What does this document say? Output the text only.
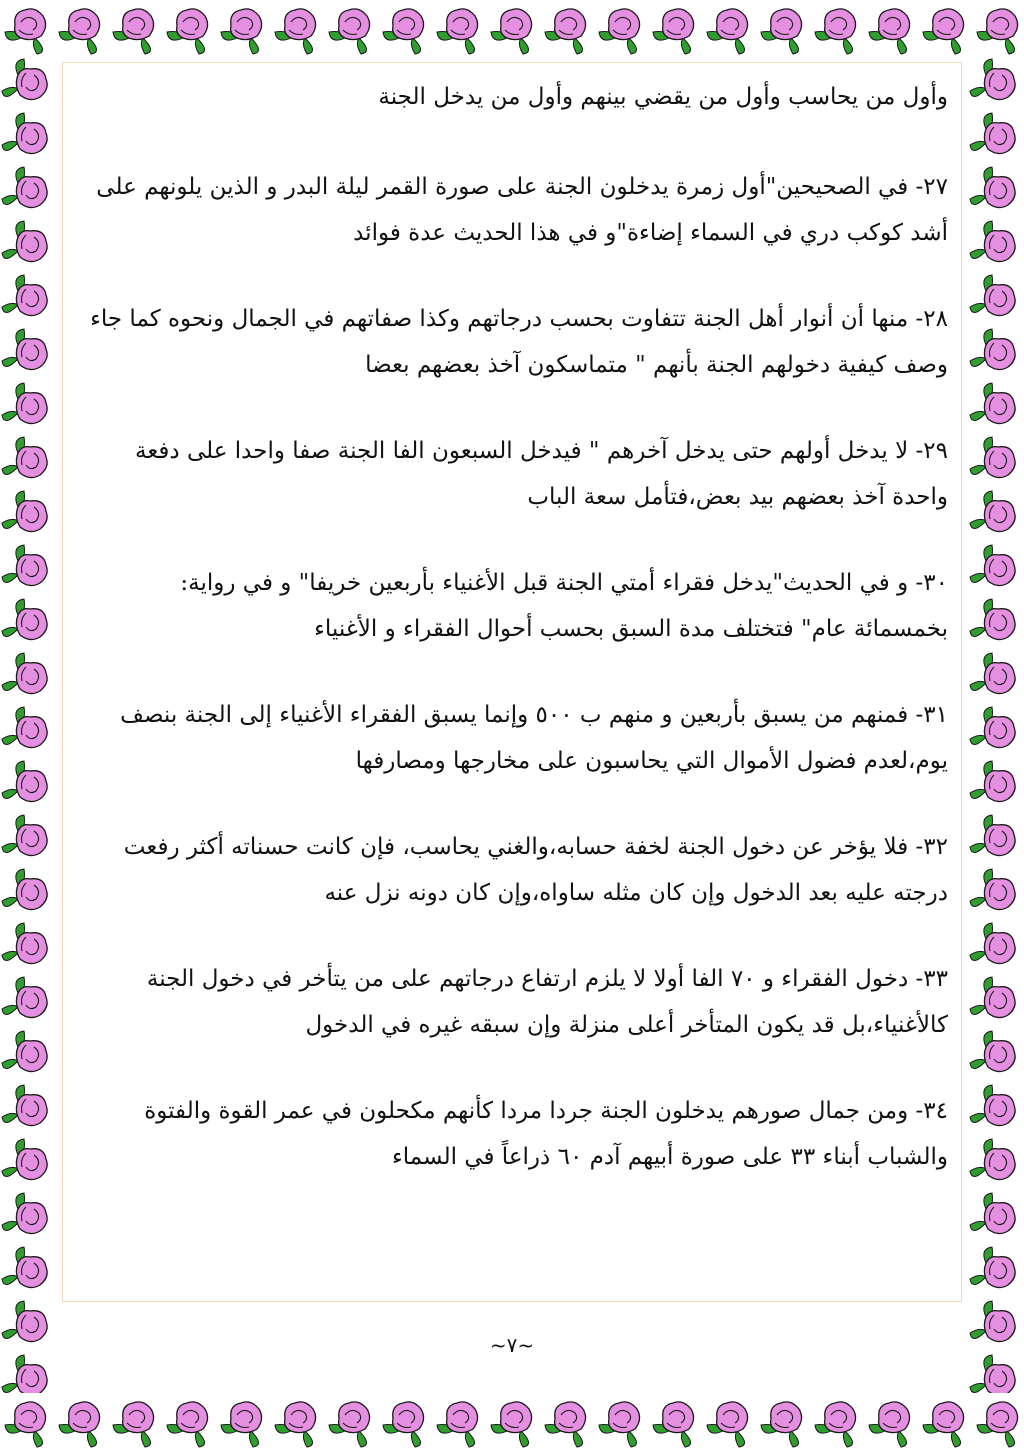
وأول من يحاسب وأول من يقضي بينهم وأول من يدخل الجنة

٢٧- في الصحيحين"أول زمرة يدخلون الجنة على صورة القمر ليلة البدر و الذين يلونهم على أشد كوكب دري في السماء إضاءة"و في هذا الحديث عدة فوائد

٢٨- منها أن أنوار أهل الجنة تتفاوت بحسب درجاتهم وكذا صفاتهم في الجمال ونحوه كما جاء وصف كيفية دخولهم الجنة بأنهم " متماسكون آخذ بعضهم بعضا

٢٩- لا يدخل أولهم حتى يدخل آخرهم " فيدخل السبعون الفا الجنة صفا واحدا على دفعة واحدة آخذ بعضهم بيد بعض،فتأمل سعة الباب

٣٠- و في الحديث"يدخل فقراء أمتي الجنة قبل الأغنياء بأربعين خريفا" و في رواية: بخمسمائة عام" فتختلف مدة السبق بحسب أحوال الفقراء و الأغنياء

٣١- فمنهم من يسبق بأربعين و منهم ب ٥٠٠ وإنما يسبق الفقراء الأغنياء إلى الجنة بنصف يوم،لعدم فضول الأموال التي يحاسبون على مخارجها ومصارفها

٣٢- فلا يؤخر عن دخول الجنة لخفة حسابه،والغني يحاسب، فإن كانت حسناته أكثر رفعت درجته عليه بعد الدخول وإن كان مثله ساواه،وإن كان دونه نزل عنه

٣٣- دخول الفقراء و ٧٠ الفا أولا لا يلزم ارتفاع درجاتهم على من يتأخر في دخول الجنة كالأغنياء،بل قد يكون المتأخر أعلى منزلة وإن سبقه غيره في الدخول

٣٤- ومن جمال صورهم يدخلون الجنة جردا مردا كأنهم مكحلون في عمر القوة والفتوة والشباب أبناء ٣٣ على صورة أبيهم آدم ٦٠ ذراعاً في السماء

~٧~
